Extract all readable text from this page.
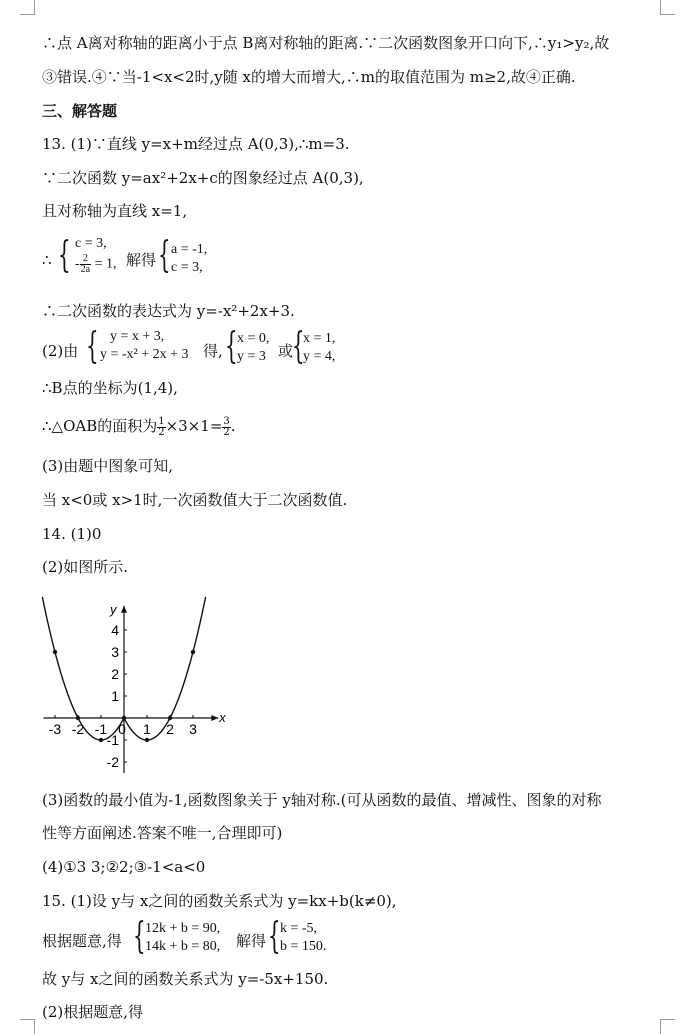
∴点 A离对称轴的距离小于点 B离对称轴的距离.∵二次函数图象开口向下,∴y₁>y₂,故
③错误.④∵当-1<x<2时,y随 x的增大而增大,∴m的取值范围为 m≥2,故④正确.
三、解答题
13. (1)∵直线 y=x+m经过点 A(0,3),∴m=3.
∵二次函数 y=ax²+2x+c的图象经过点 A(0,3),
且对称轴为直线 x=1,
∴ { c = 3,
- $\frac{2}{2a} = 1$, 解得 { a = -1,
c = 3,
∴二次函数的表达式为 y=-x²+2x+3.
(2)由 { y = x + 3,
y = -x² + 2x + 3 得, { x = 0,
y = 3 或
{
x = 1,
y = 4,
∴B点的坐标为(1,4),
∴△OAB的面积为 $\frac{1}{2} \times 3\times 1= \frac{3}{2}$ .
(3)由题中图象可知,
当 x<0或 x>1时,一次函数值大于二次函数值.
14. (1)0
(2)如图所示.
-3 -2 -1 0 1 2 3
4
3
2
1
-1
-2
x
y
(3)函数的最小值为-1,函数图象关于 y轴对称.(可从函数的最值、增减性、图象的对称
性等方面阐述.答案不唯一,合理即可)
(4)①3 3;②2;③-1<a<0
15. (1)设 y与 x之间的函数关系式为 y=kx+b(k≠0),
根据题意,得 { 12k + b = 90,
14k + b = 80, 解得 { k = -5,
b = 150.
故 y与 x之间的函数关系式为 y=-5x+150.
(2)根据题意,得
